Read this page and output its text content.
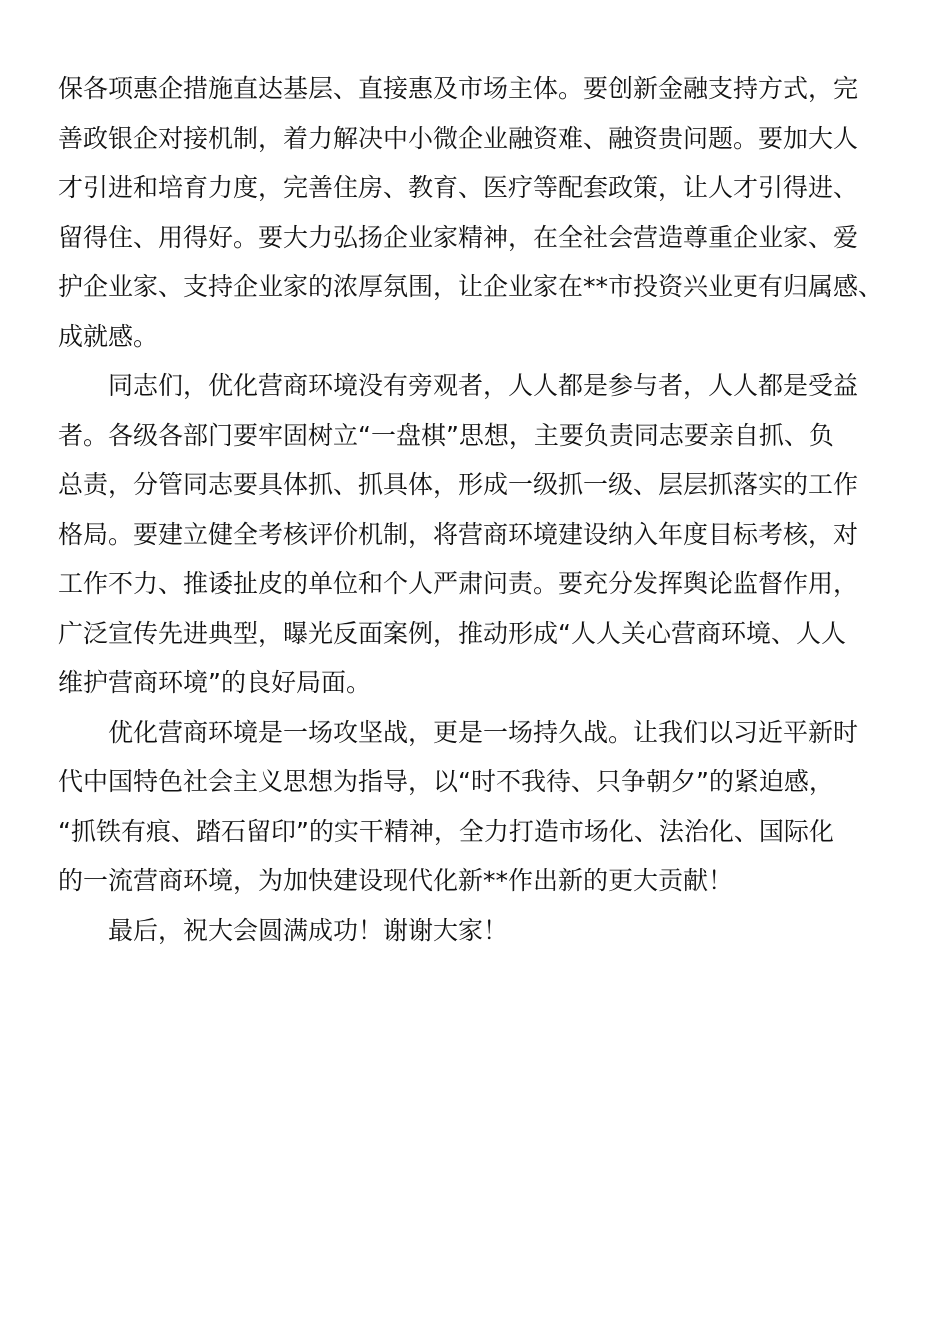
保各项惠企措施直达基层、直接惠及市场主体。要创新金融支持方式，完
善政银企对接机制，着力解决中小微企业融资难、融资贵问题。要加大人
才引进和培育力度，完善住房、教育、医疗等配套政策，让人才引得进、
留得住、用得好。要大力弘扬企业家精神，在全社会营造尊重企业家、爱
护企业家、支持企业家的浓厚氛围，让企业家在**市投资兴业更有归属感、
成就感。
同志们，优化营商环境没有旁观者，人人都是参与者，人人都是受益
者。各级各部门要牢固树立“一盘棋”思想，主要负责同志要亲自抓、负
总责，分管同志要具体抓、抓具体，形成一级抓一级、层层抓落实的工作
格局。要建立健全考核评价机制，将营商环境建设纳入年度目标考核，对
工作不力、推诿扯皮的单位和个人严肃问责。要充分发挥舆论监督作用，
广泛宣传先进典型，曝光反面案例，推动形成“人人关心营商环境、人人
维护营商环境”的良好局面。
优化营商环境是一场攻坚战，更是一场持久战。让我们以习近平新时
代中国特色社会主义思想为指导，以“时不我待、只争朝夕”的紧迫感，
“抓铁有痕、踏石留印”的实干精神，全力打造市场化、法治化、国际化
的一流营商环境，为加快建设现代化新**作出新的更大贡献！
最后，祝大会圆满成功！谢谢大家！
